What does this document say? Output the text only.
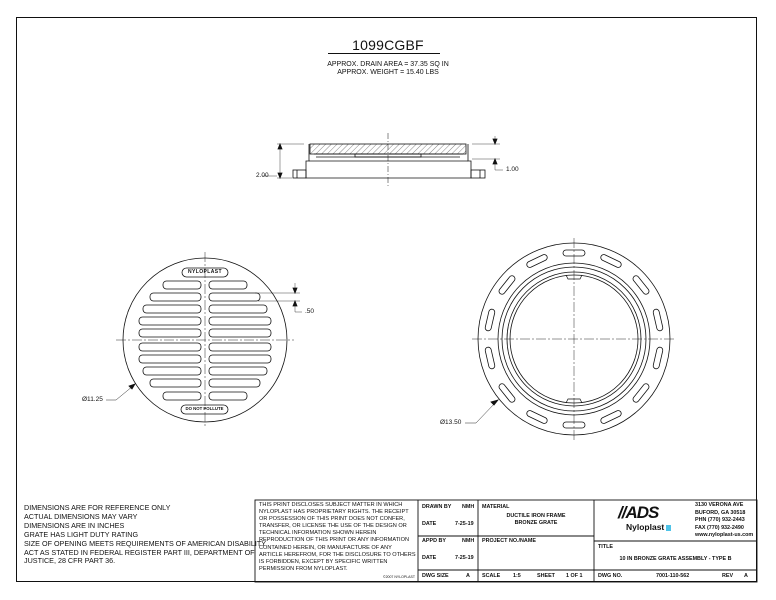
1099CGBF
APPROX. DRAIN AREA = 37.35 SQ IN
APPROX. WEIGHT = 15.40 LBS
2.00
1.00
.50
Ø11.25
Ø13.50
NYLOPLAST
DO NOT POLLUTE
DIMENSIONS ARE FOR REFERENCE ONLY
ACTUAL DIMENSIONS MAY VARY
DIMENSIONS ARE IN INCHES
GRATE HAS LIGHT DUTY RATING
SIZE OF OPENING MEETS REQUIREMENTS OF AMERICAN DISABILITY
ACT AS STATED IN FEDERAL REGISTER PART III, DEPARTMENT OF
JUSTICE, 28 CFR PART 36.
THIS PRINT DISCLOSES SUBJECT MATTER IN WHICH
NYLOPLAST HAS PROPRIETARY RIGHTS. THE RECEIPT
OR POSSESSION OF THIS PRINT DOES NOT CONFER,
TRANSFER, OR LICENSE THE USE OF THE DESIGN OR
TECHNICAL INFORMATION SHOWN HEREIN
REPRODUCTION OF THIS PRINT OR ANY INFORMATION
CONTAINED HEREIN, OR MANUFACTURE OF ANY
ARTICLE HEREFROM, FOR THE DISCLOSURE TO OTHERS
IS FORBIDDEN, EXCEPT BY SPECIFIC WRITTEN
PERMISSION FROM NYLOPLAST.
©2007 NYLOPLAST
DRAWN BY NMH
DATE	7-25-19
APPD BY	NMH
DATE	7-25-19
DWG SIZE	A
MATERIAL
DUCTILE IRON FRAME
BRONZE GRATE
PROJECT NO./NAME
SCALE 1:5	SHEET 1 OF 1
//ADS
Nyloplast
3130 VERONA AVE
BUFORD, GA 30518
PHN (770) 932-2443
FAX (770) 932-2490
www.nyloplast-us.com
TITLE
10 IN BRONZE GRATE ASSEMBLY - TYPE B
DWG NO.	7001-110-562	REV A
